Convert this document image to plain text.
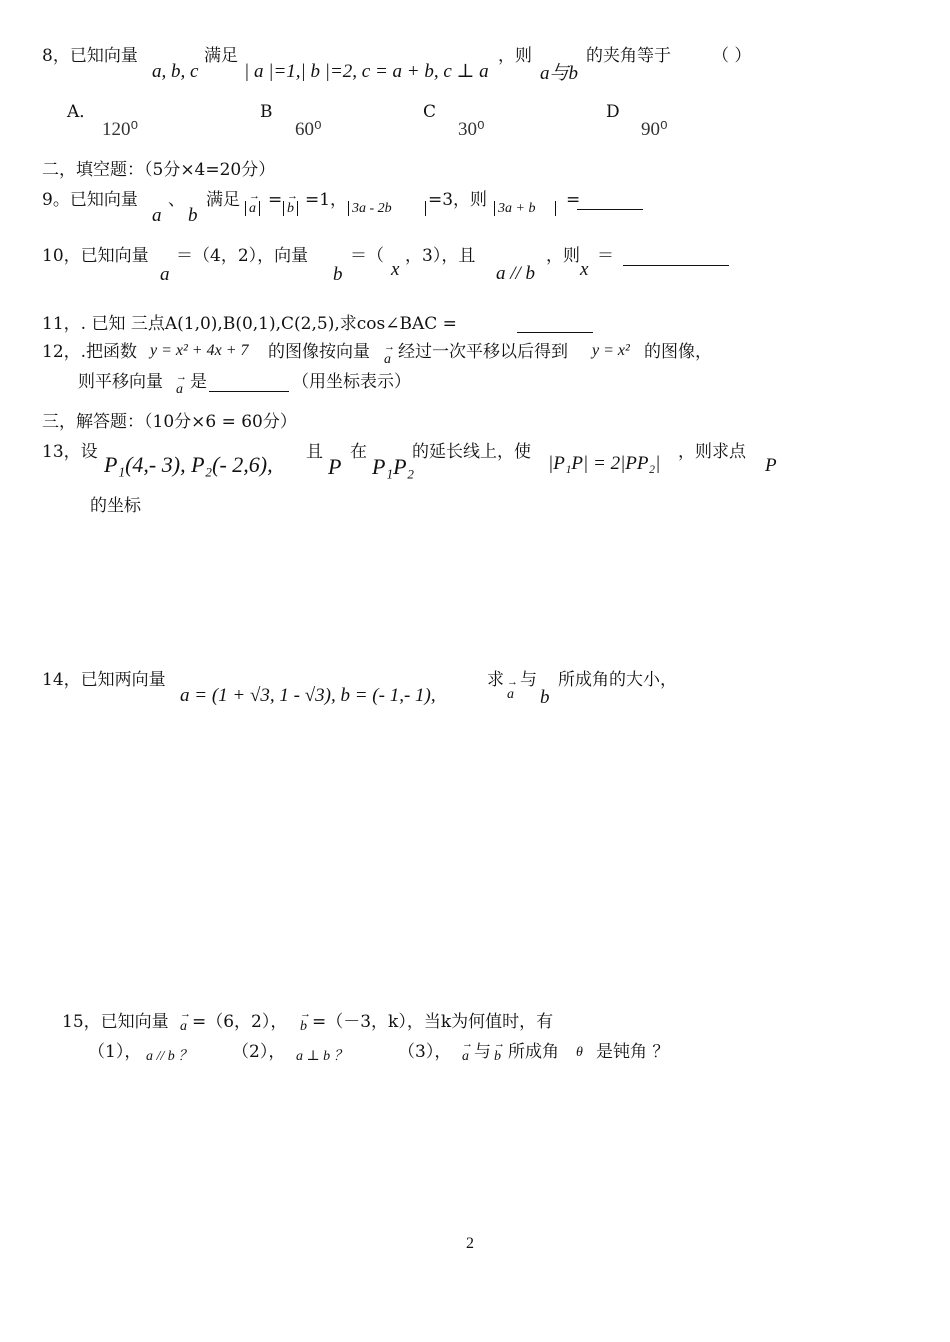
8，已知向量
a, b, c
满足
| a |=1,| b |=2, c = a + b, c ⊥ a
，则
a与b
的夹角等于 （ ）
A．
120⁰
B
60⁰
C
30⁰
D
90⁰
二，填空题：（5分×4=20分）
9。已知向量
a
、
b
满足 → a = → b =1， 3a - 2b	=3，则 3a + b	=
10，已知向量
a
＝（4，2），向量
b
＝（
x
，3），且
a // b
，则
x
＝
11，. 已知 三点A(1,0),B(0,1),C(2,5),求cos∠BAC =
12，.把函数 y = x² + 4x + 7 的图像按向量 → a 经过一次平移以后得到 y = x² 的图像，
则平移向量 → a 是	（用坐标表示）
三，解答题：（10分×6 = 60分）
13，设 P₁(4,- 3), P₂(- 2,6), 且
P
在
P₁P₂
的延长线上，使
|P₁P| = 2|PP₂|
，则求点
P
的坐标
14，已知两向量
a = (1 + √3, 1 - √3), b = (- 1,- 1),
求
→ a
与
b
所成角的大小，
15，已知向量 → a =（6，2）， → b =（－3，k），当k为何值时，有
（1）， a // b ？ （2）， a ⊥ b ？	（3）， → a 与 → b 所成角 θ 是钝角 ？
2
